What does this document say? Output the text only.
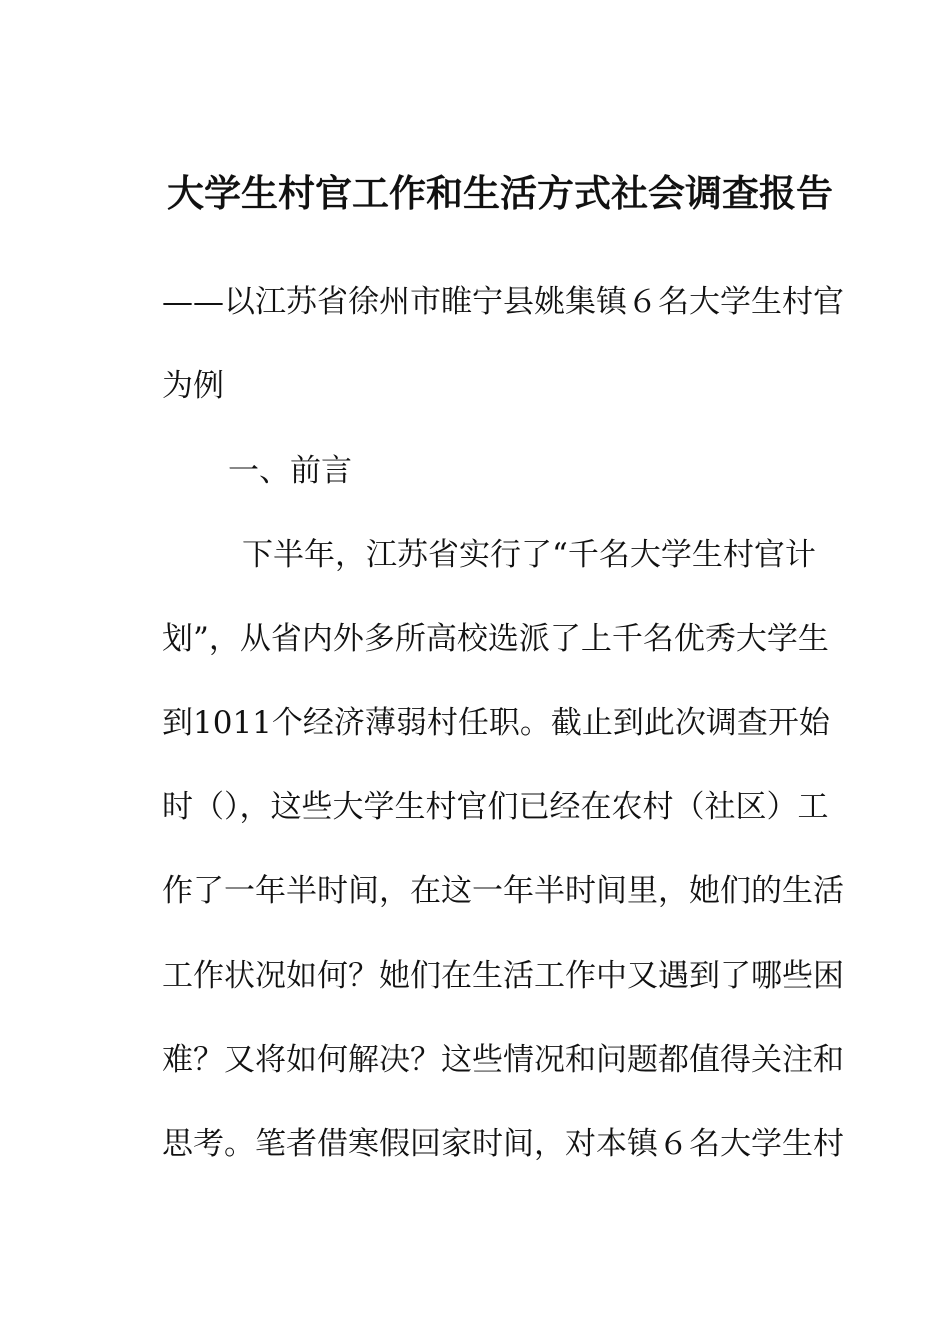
大学生村官工作和生活方式社会调查报告
——以江苏省徐州市睢宁县姚集镇６名大学生村官
为例
一、前言
下半年，江苏省实行了“千名大学生村官计
划”，从省内外多所高校选派了上千名优秀大学生
到1011个经济薄弱村任职。截止到此次调查开始
时（），这些大学生村官们已经在农村（社区）工
作了一年半时间，在这一年半时间里，她们的生活
工作状况如何？她们在生活工作中又遇到了哪些困
难？又将如何解决？这些情况和问题都值得关注和
思考。笔者借寒假回家时间，对本镇６名大学生村
